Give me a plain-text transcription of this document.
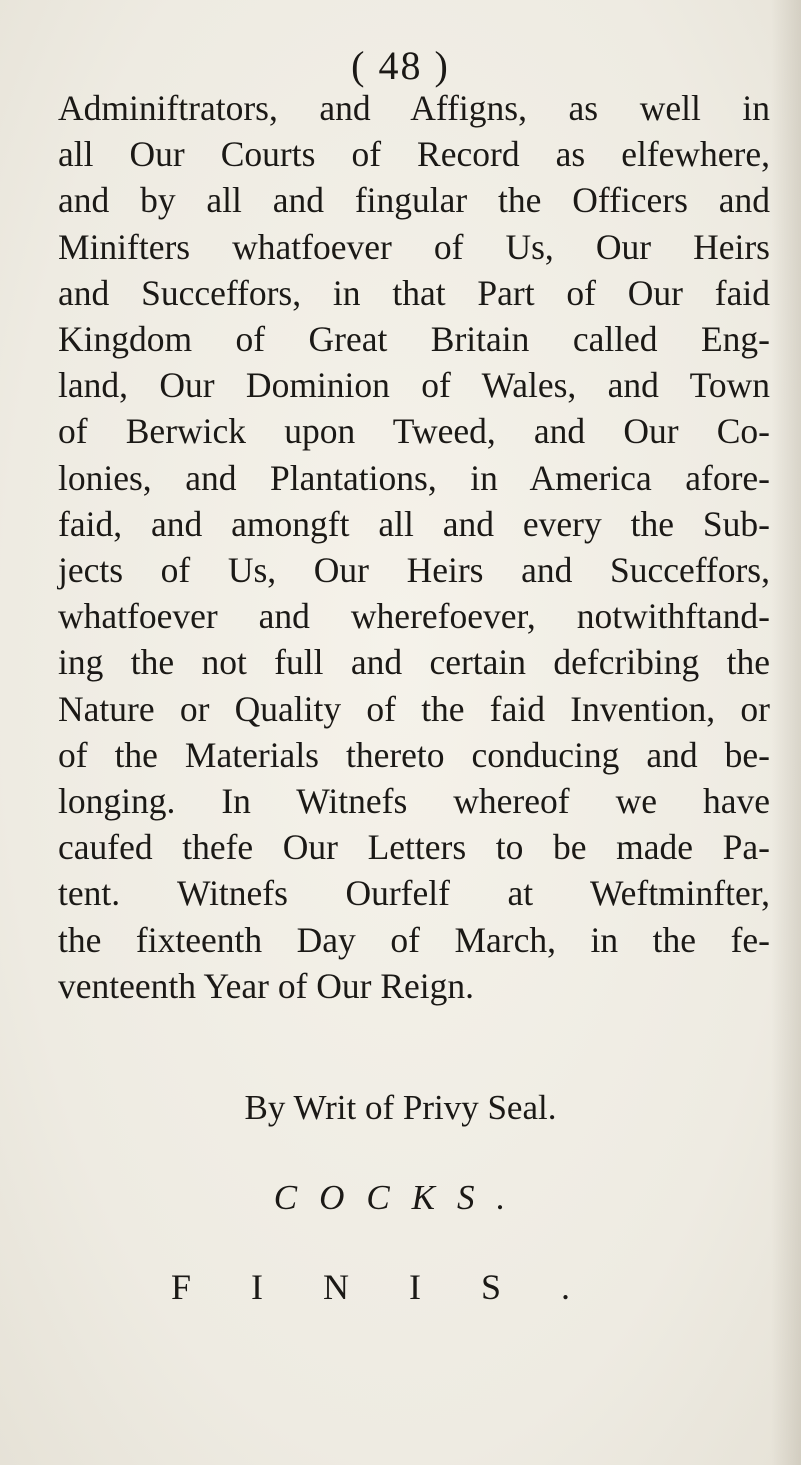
( 48 )
Adminiftrators, and Affigns, as well in
all Our Courts of Record as elfewhere,
and by all and fingular the Officers and
Minifters whatfoever of Us, Our Heirs
and Succeffors, in that Part of Our faid
Kingdom of Great Britain called Eng-
land, Our Dominion of Wales, and Town
of Berwick upon Tweed, and Our Co-
lonies, and Plantations, in America afore-
faid, and amongft all and every the Sub-
jects of Us, Our Heirs and Succeffors,
whatfoever and wherefoever, notwithftand-
ing the not full and certain defcribing the
Nature or Quality of the faid Invention, or
of the Materials thereto conducing and be-
longing. In Witnefs whereof we have
caufed thefe Our Letters to be made Pa-
tent. Witnefs Ourfelf at Weftminfter,
the fixteenth Day of March, in the fe-
venteenth Year of Our Reign.
By Writ of Privy Seal.
COCKS.
FINIS.
